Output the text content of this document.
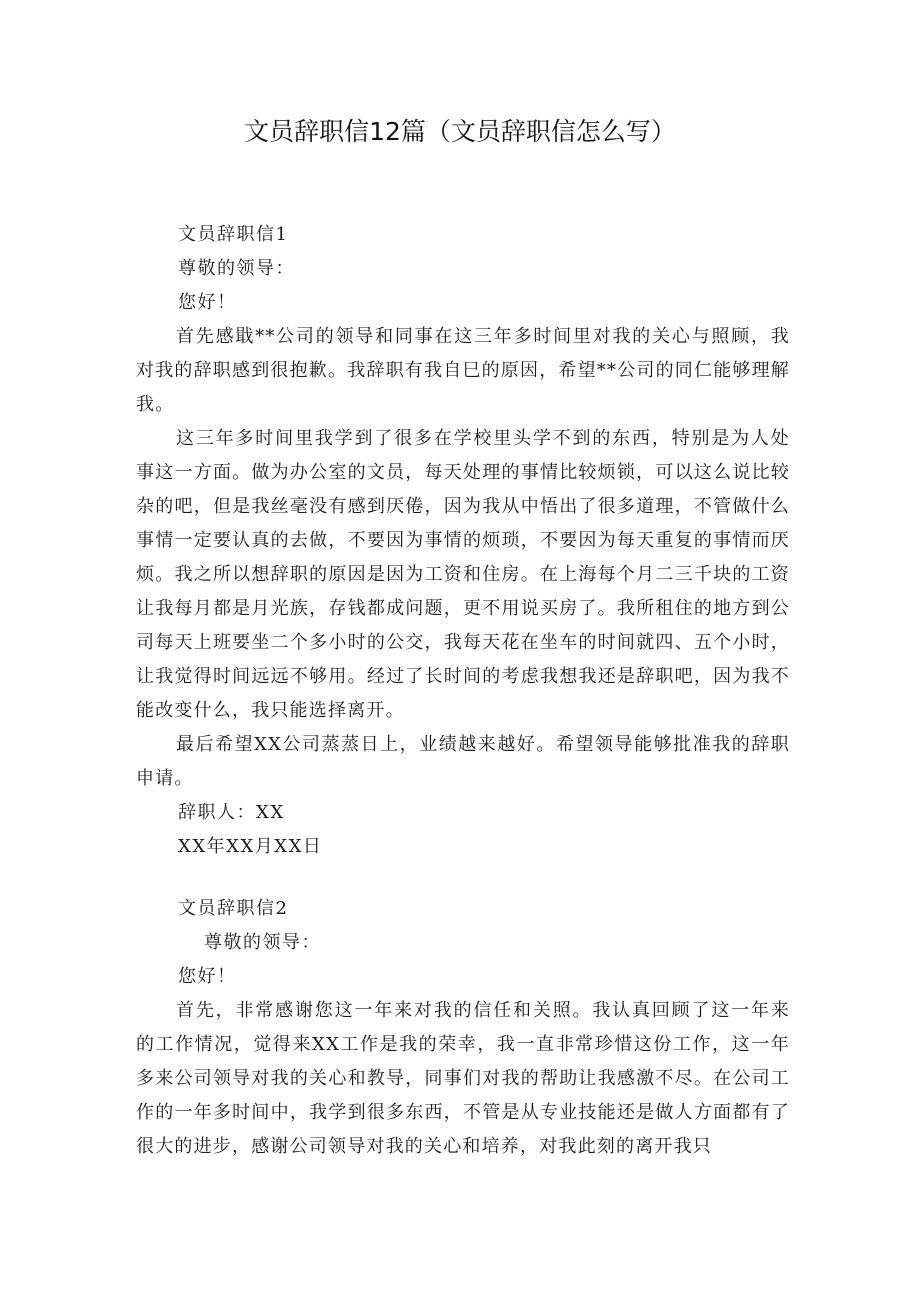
文员辞职信12篇（文员辞职信怎么写）

文员辞职信1

尊敬的领导：

您好！

首先感戢**公司的领导和同事在这三年多时间里对我的关心与照顾，我对我的辞职感到很抱歉。我辞职有我自巳的原因，希望**公司的同仁能够理解我。

这三年多时间里我学到了很多在学校里头学不到的东西，特别是为人处事这一方面。做为办公室的文员，每天处理的事情比较烦锁，可以这么说比较杂的吧，但是我丝毫没有感到厌倦，因为我从中悟出了很多道理，不管做什么事情一定要认真的去做，不要因为事情的烦琐，不要因为每天重复的事情而厌烦。我之所以想辞职的原因是因为工资和住房。在上海每个月二三千块的工资让我每月都是月光族，存钱都成问题，更不用说买房了。我所租住的地方到公司每天上班要坐二个多小时的公交，我每天花在坐车的时间就四、五个小时，让我觉得时间远远不够用。经过了长时间的考虑我想我还是辞职吧，因为我不能改变什么，我只能选择离开。

最后希望XX公司蒸蒸日上，业绩越来越好。希望领导能够批准我的辞职申请。

辞职人：XX

XX年XX月XX日

文员辞职信2

尊敬的领导：

您好！

首先，非常感谢您这一年来对我的信任和关照。我认真回顾了这一年来的工作情况，觉得来XX工作是我的荣幸，我一直非常珍惜这份工作，这一年多来公司领导对我的关心和教导，同事们对我的帮助让我感激不尽。在公司工作的一年多时间中，我学到很多东西，不管是从专业技能还是做人方面都有了很大的进步，感谢公司领导对我的关心和培养，对我此刻的离开我只
